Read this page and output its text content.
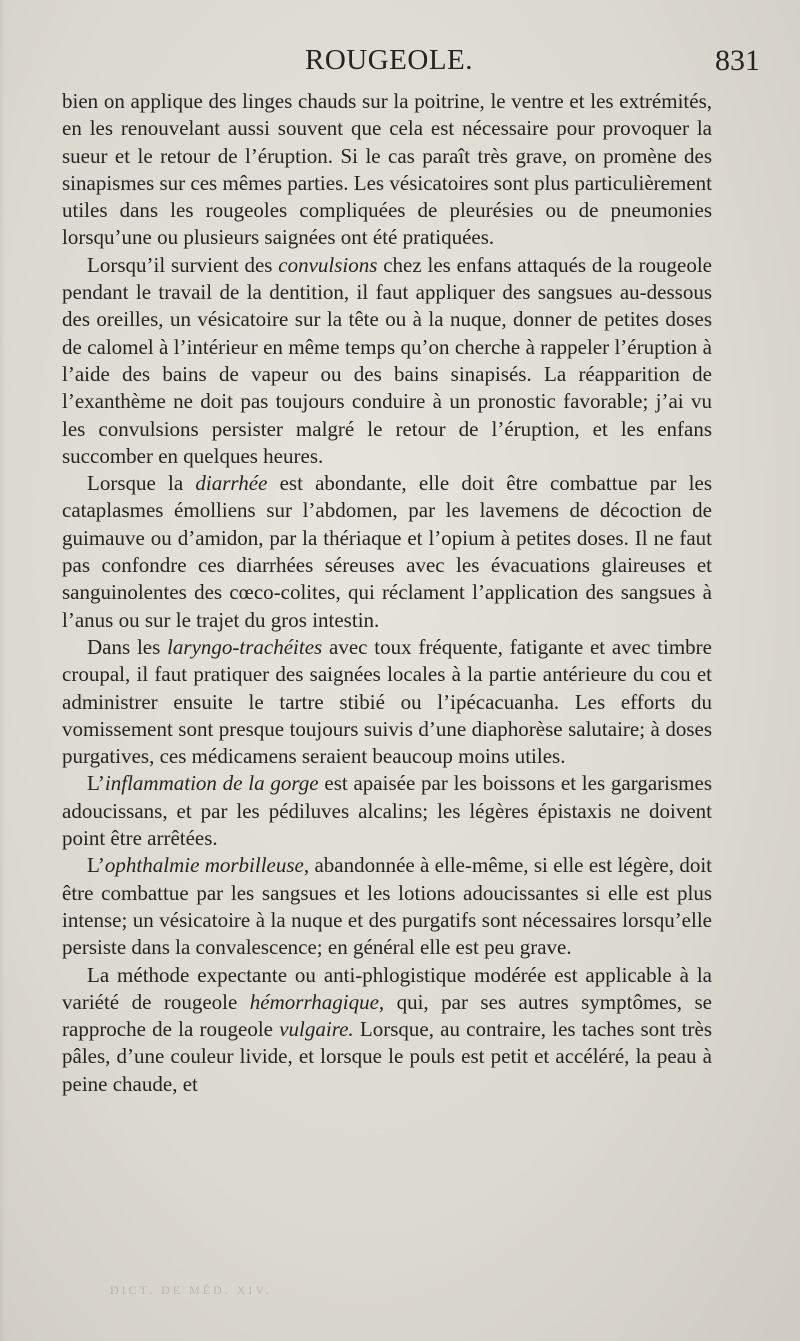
ROUGEOLE.	831

bien on applique des linges chauds sur la poitrine, le ventre et les extrémités, en les renouvelant aussi souvent que cela est nécessaire pour provoquer la sueur et le retour de l’éruption. Si le cas paraît très grave, on promène des sinapismes sur ces mêmes parties. Les vésicatoires sont plus particulièrement utiles dans les rougeoles compliquées de pleurésies ou de pneumonies lorsqu’une ou plusieurs saignées ont été pratiquées.

Lorsqu’il survient des convulsions chez les enfans attaqués de la rougeole pendant le travail de la dentition, il faut appliquer des sangsues au-dessous des oreilles, un vésicatoire sur la tête ou à la nuque, donner de petites doses de calomel à l’intérieur en même temps qu’on cherche à rappeler l’éruption à l’aide des bains de vapeur ou des bains sinapisés. La réapparition de l’exanthème ne doit pas toujours conduire à un pronostic favorable; j’ai vu les convulsions persister malgré le retour de l’éruption, et les enfans succomber en quelques heures.

Lorsque la diarrhée est abondante, elle doit être combattue par les cataplasmes émolliens sur l’abdomen, par les lavemens de décoction de guimauve ou d’amidon, par la thériaque et l’opium à petites doses. Il ne faut pas confondre ces diarrhées séreuses avec les évacuations glaireuses et sanguinolentes des cœco-colites, qui réclament l’application des sangsues à l’anus ou sur le trajet du gros intestin.

Dans les laryngo-trachéites avec toux fréquente, fatigante et avec timbre croupal, il faut pratiquer des saignées locales à la partie antérieure du cou et administrer ensuite le tartre stibié ou l’ipécacuanha. Les efforts du vomissement sont presque toujours suivis d’une diaphorèse salutaire; à doses purgatives, ces médicamens seraient beaucoup moins utiles.

L’inflammation de la gorge est apaisée par les boissons et les gargarismes adoucissans, et par les pédiluves alcalins; les légères épistaxis ne doivent point être arrêtées.

L’ophthalmie morbilleuse, abandonnée à elle-même, si elle est légère, doit être combattue par les sangsues et les lotions adoucissantes si elle est plus intense; un vésicatoire à la nuque et des purgatifs sont nécessaires lorsqu’elle persiste dans la convalescence; en général elle est peu grave.

La méthode expectante ou anti-phlogistique modérée est applicable à la variété de rougeole hémorrhagique, qui, par ses autres symptômes, se rapproche de la rougeole vulgaire. Lorsque, au contraire, les taches sont très pâles, d’une couleur livide, et lorsque le pouls est petit et accéléré, la peau à peine chaude, et

DICT. DE MÉD. XIV.
